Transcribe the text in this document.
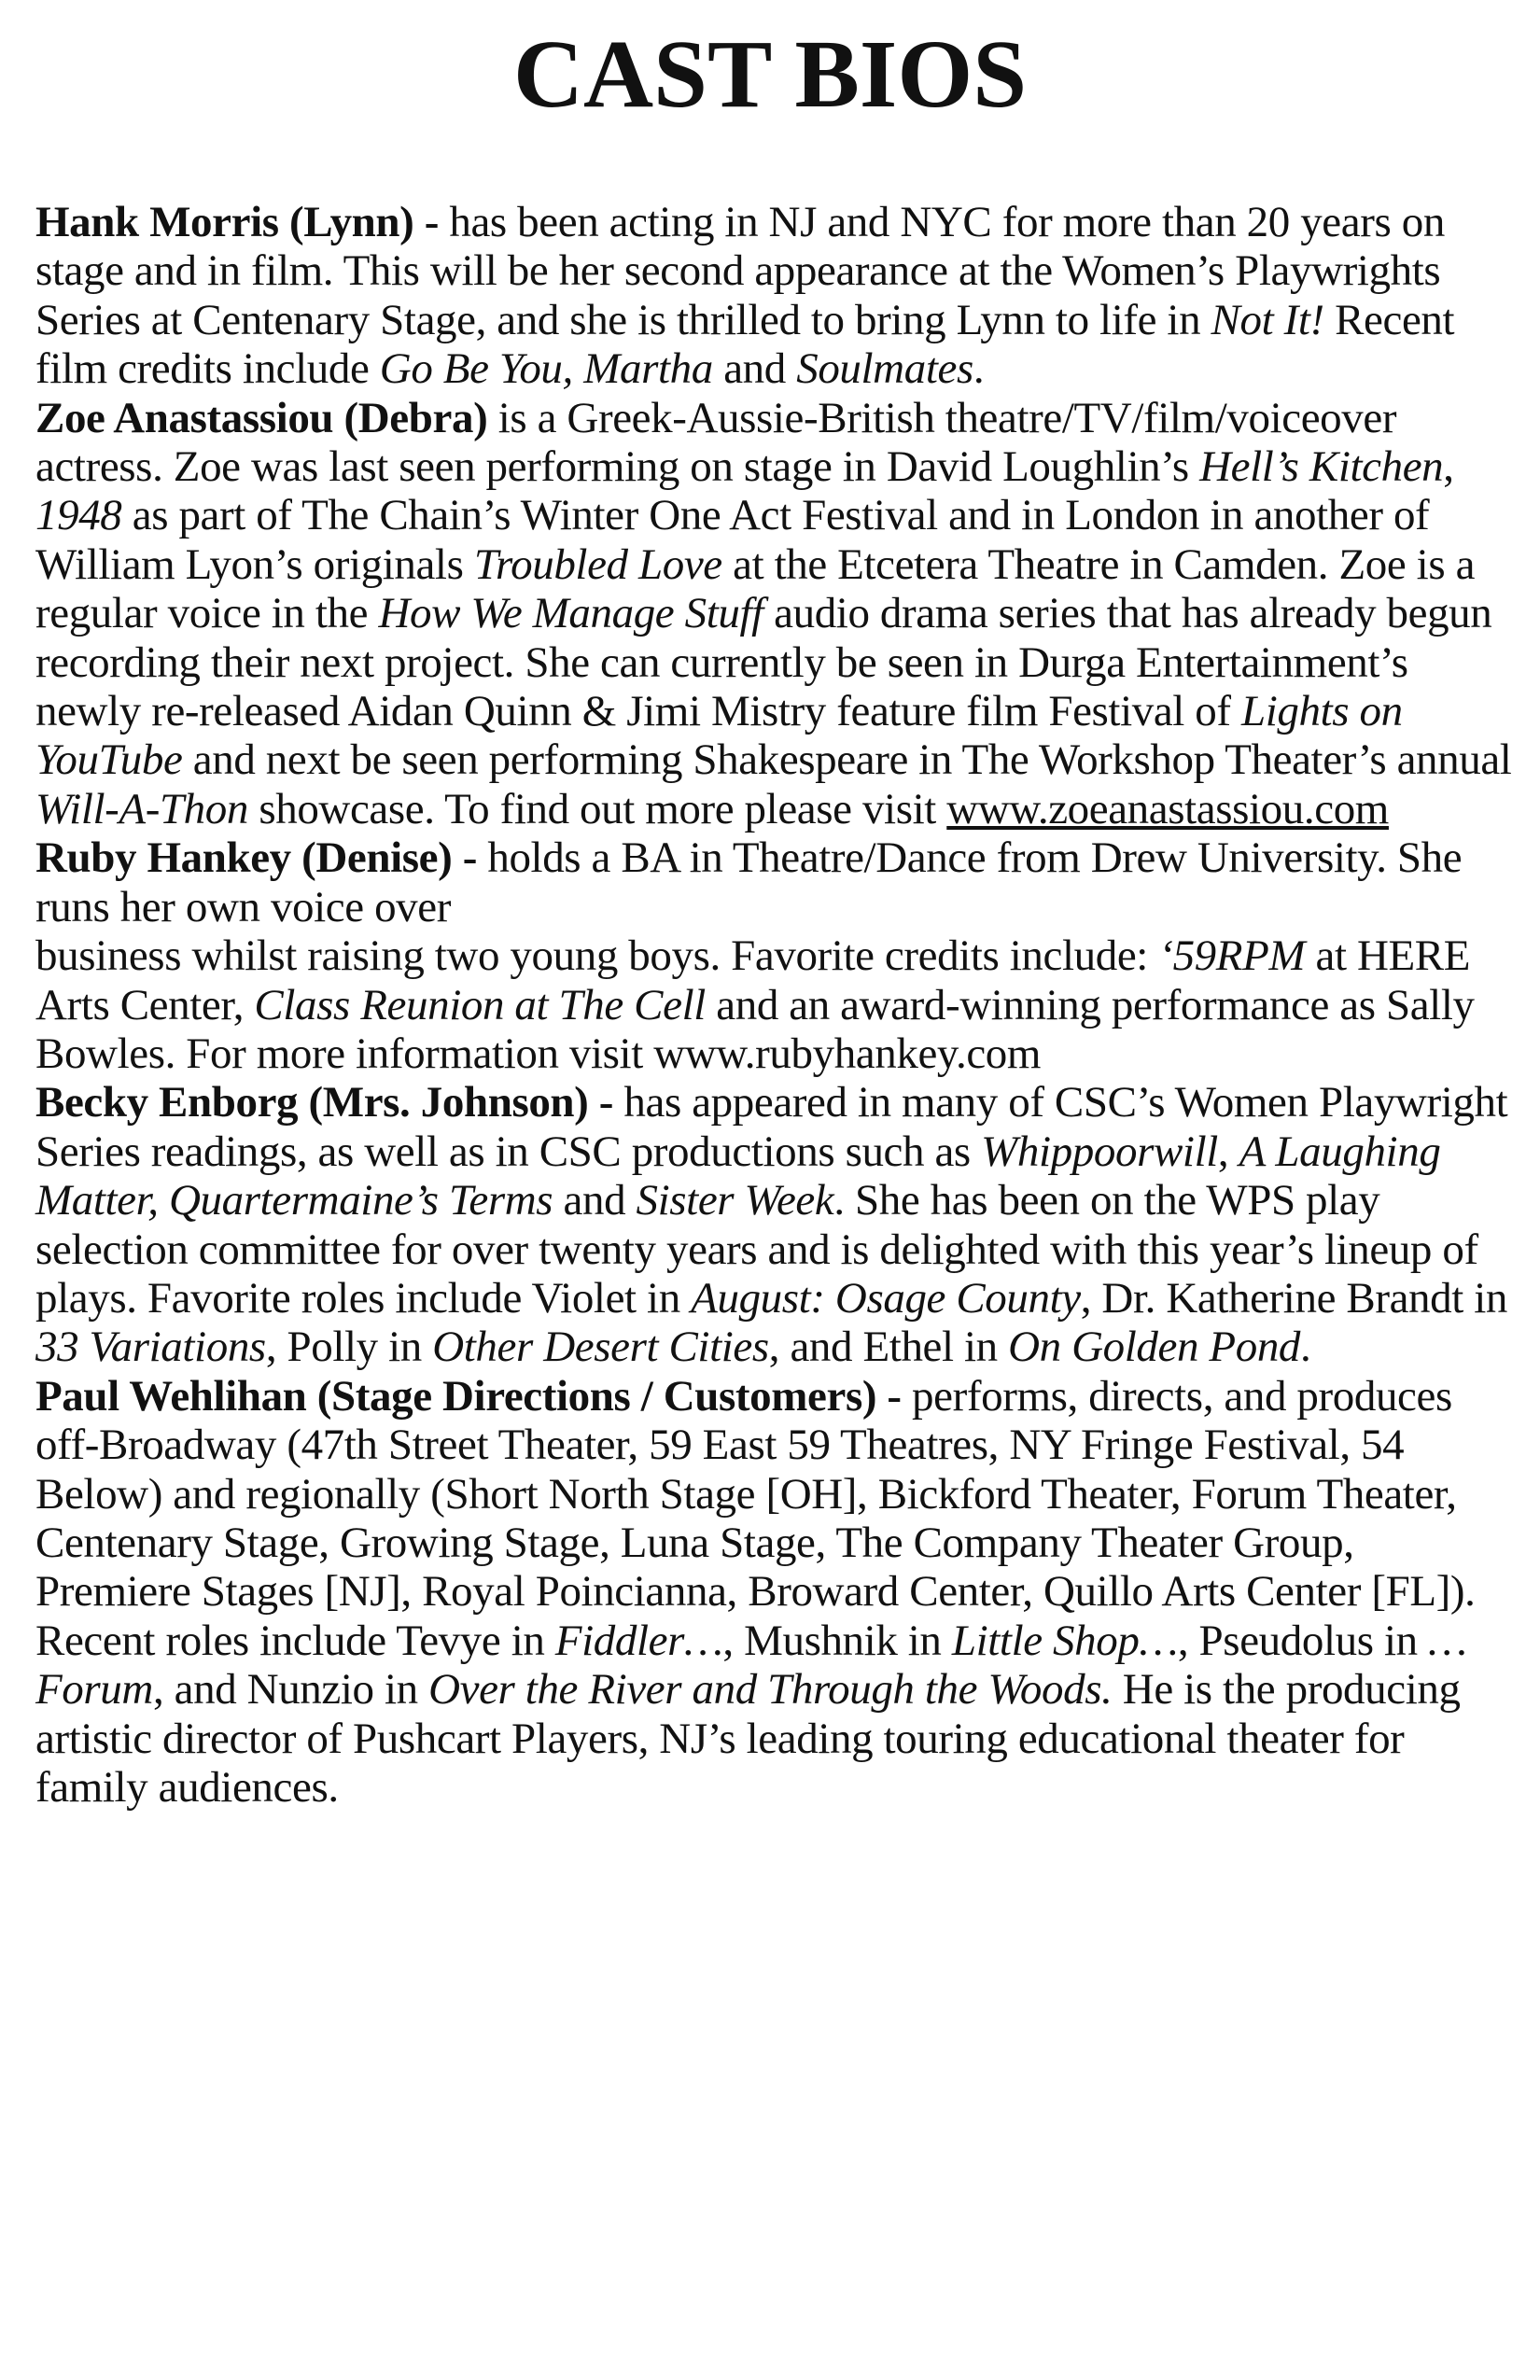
CAST BIOS

Hank Morris (Lynn) - has been acting in NJ and NYC for more than 20 years on stage and in film. This will be her second appearance at the Women’s Playwrights Series at Centenary Stage, and she is thrilled to bring Lynn to life in Not It! Recent film credits include Go Be You, Martha and Soulmates.

Zoe Anastassiou (Debra) is a Greek-Aussie-British theatre/TV/film/voiceover actress. Zoe was last seen performing on stage in David Loughlin’s Hell’s Kitchen, 1948 as part of The Chain’s Winter One Act Festival and in London in another of William Lyon’s originals Troubled Love at the Etcetera Theatre in Camden. Zoe is a regular voice in the How We Manage Stuff audio drama series that has already begun recording their next project. She can currently be seen in Durga Entertainment’s newly re-released Aidan Quinn & Jimi Mistry feature film Festival of Lights on YouTube and next be seen performing Shakespeare in The Workshop Theater’s annual Will-A-Thon showcase. To find out more please visit www.zoeanastassiou.com

Ruby Hankey (Denise) - holds a BA in Theatre/Dance from Drew University. She runs her own voice over
business whilst raising two young boys. Favorite credits include: ‘59RPM at HERE Arts Center, Class Reunion at The Cell and an award-winning performance as Sally Bowles. For more information visit www.rubyhankey.com

Becky Enborg (Mrs. Johnson) - has appeared in many of CSC’s Women Playwright Series readings, as well as in CSC productions such as Whippoorwill, A Laughing Matter, Quartermaine’s Terms and Sister Week. She has been on the WPS play selection committee for over twenty years and is delighted with this year’s lineup of plays. Favorite roles include Violet in August: Osage County, Dr. Katherine Brandt in 33 Variations, Polly in Other Desert Cities, and Ethel in On Golden Pond.

Paul Wehlihan (Stage Directions / Customers) - performs, directs, and produces off-Broadway (47th Street Theater, 59 East 59 Theatres, NY Fringe Festival, 54 Below) and regionally (Short North Stage [OH], Bickford Theater, Forum Theater, Centenary Stage, Growing Stage, Luna Stage, The Company Theater Group, Premiere Stages [NJ], Royal Poincianna, Broward Center, Quillo Arts Center [FL]). Recent roles include Tevye in Fiddler…, Mushnik in Little Shop…, Pseudolus in …Forum, and Nunzio in Over the River and Through the Woods. He is the producing artistic director of Pushcart Players, NJ’s leading touring educational theater for family audiences.
